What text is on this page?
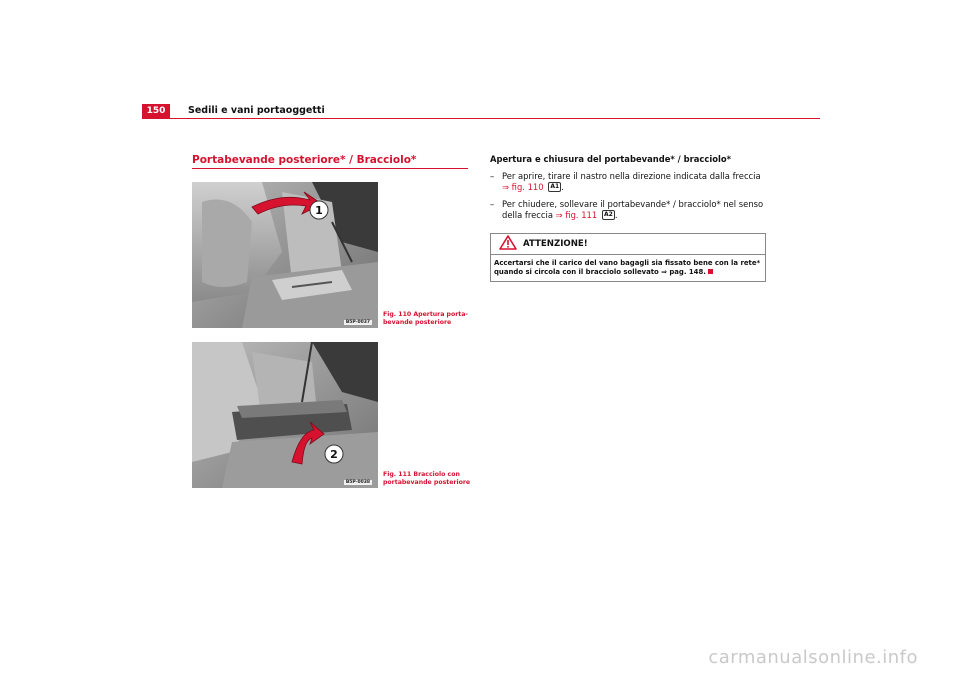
150	Sedili e vani portaoggetti
Portabevande posteriore* / Bracciolo*
1
B5P-0037
Fig. 110 Apertura porta-bevande posteriore
2
B5P-0038
Fig. 111 Bracciolo con portabevande posteriore
Apertura e chiusura del portabevande* / bracciolo*
– Per aprire, tirare il nastro nella direzione indicata dalla freccia
⇒ fig. 110 A1 .
– Per chiudere, sollevare il portabevande* / bracciolo* nel senso della freccia ⇒ fig. 111 A2 .
ATTENZIONE!
Accertarsi che il carico del vano bagagli sia fissato bene con la rete* quando si circola con il bracciolo sollevato ⇒ pag. 148.
carmanualsonline.info
